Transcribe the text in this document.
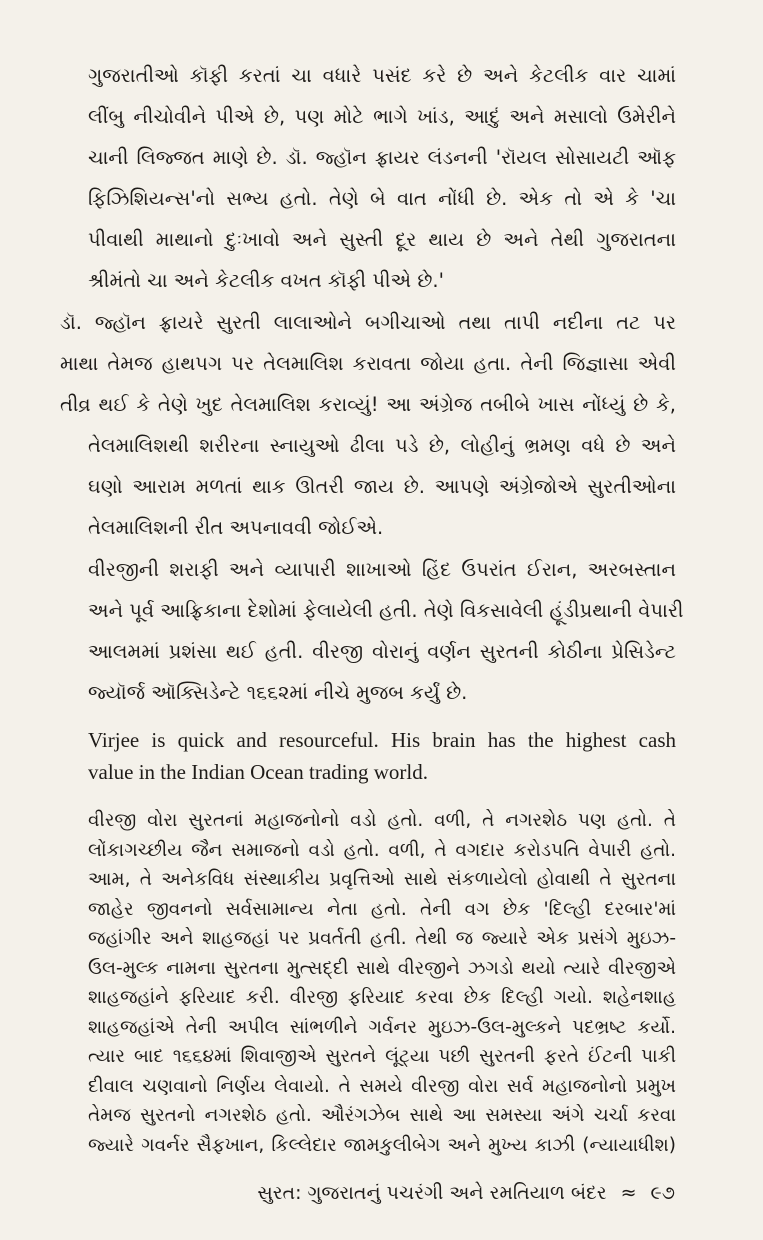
ગુજરાતીઓ કૉફી કરતાં ચા વધારે પસંદ કરે છે અને કેટલીક વાર ચામાં
લીંબુ નીચોવીને પીએ છે, પણ મોટે ભાગે ખાંડ, આદું અને મસાલો ઉમેરીને
ચાની લિજ્જત માણે છે. ડૉ. જ્હૉન ફ્રાયર લંડનની 'રૉયલ સોસાયટી ઑફ
ફિઝિશિયન્સ'નો સભ્ય હતો. તેણે બે વાત નોંધી છે. એક તો એ કે 'ચા
પીવાથી માથાનો દુઃખાવો અને સુસ્તી દૂર થાય છે અને તેથી ગુજરાતના
શ્રીમંતો ચા અને કેટલીક વખત કૉફી પીએ છે.'
ડૉ. જ્હૉન ફ્રાયરે સુરતી લાલાઓને બગીચાઓ તથા તાપી નદીના તટ પર
માથા તેમજ હાથપગ પર તેલમાલિશ કરાવતા જોયા હતા. તેની જિજ્ઞાસા એવી
તીવ્ર થઈ કે તેણે ખુદ તેલમાલિશ કરાવ્યું! આ અંગ્રેજ તબીબે ખાસ નોંધ્યું છે કે,
તેલમાલિશથી શરીરના સ્નાયુઓ ઢીલા પડે છે, લોહીનું ભ્રમણ વધે છે અને
ઘણો આરામ મળતાં થાક ઊતરી જાય છે. આપણે અંગ્રેજોએ સુરતીઓના
તેલમાલિશની રીત અપનાવવી જોઈએ.
વીરજીની શરાફી અને વ્યાપારી શાખાઓ હિંદ ઉપરાંત ઈરાન, અરબસ્તાન
અને પૂર્વ આફ્રિકાના દેશોમાં ફેલાયેલી હતી. તેણે વિકસાવેલી હૂંડીપ્રથાની વેપારી
આલમમાં પ્રશંસા થઈ હતી. વીરજી વોરાનું વર્ણન સુરતની કોઠીના પ્રેસિડેન્ટ
જ્યૉર્જ ઑક્સિડેન્ટે ૧૬૬૨માં નીચે મુજબ કર્યું છે.
Virjee is quick and resourceful. His brain has the highest cash
value in the Indian Ocean trading world.
વીરજી વોરા સુરતનાં મહાજનોનો વડો હતો. વળી, તે નગરશેઠ પણ હતો. તે
લોંકાગચ્છીય જૈન સમાજનો વડો હતો. વળી, તે વગદાર કરોડપતિ વેપારી હતો.
આમ, તે અનેકવિધ સંસ્થાકીય પ્રવૃત્તિઓ સાથે સંકળાયેલો હોવાથી તે સુરતના
જાહેર જીવનનો સર્વસામાન્ય નેતા હતો. તેની વગ છેક 'દિલ્હી દરબાર'માં
જહાંગીર અને શાહજહાં પર પ્રવર્તતી હતી. તેથી જ જ્યારે એક પ્રસંગે મુઇઝ-
ઉલ-મુલ્ક નામના સુરતના મુત્સદ્દી સાથે વીરજીને ઝગડો થયો ત્યારે વીરજીએ
શાહજહાંને ફરિયાદ કરી. વીરજી ફરિયાદ કરવા છેક દિલ્હી ગયો. શહેનશાહ
શાહજહાંએ તેની અપીલ સાંભળીને ગર્વનર મુઇઝ-ઉલ-મુલ્કને પદભ્રષ્ટ કર્યો.
ત્યાર બાદ ૧૬૬૪માં શિવાજીએ સુરતને લૂંટ્યા પછી સુરતની ફરતે ઈંટની પાકી
સુરત: ગુજરાતનું પચરંગી અને રમતિયાળ બંદર ≈ ૯૭
દીવાલ ચણવાનો નિર્ણય લેવાયો. તે સમયે વીરજી વોરા સર્વ મહાજનોનો પ્રમુખ
તેમજ સુરતનો નગરશેઠ હતો. ઔરંગઝેબ સાથે આ સમસ્યા અંગે ચર્ચા કરવા
જ્યારે ગવર્નર સૈફખાન, કિલ્લેદાર જામકુલીબેગ અને મુખ્ય કાઝી (ન્યાયાધીશ)
